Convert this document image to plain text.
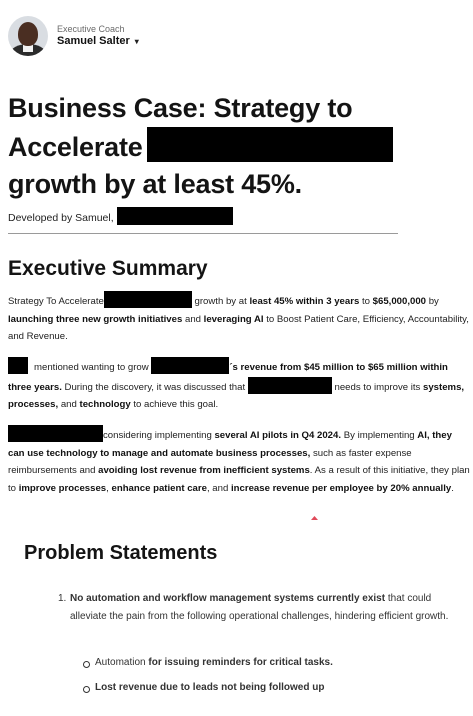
Executive Coach
Samuel Salter ▾
Business Case: Strategy to
Accelerate
growth by at least 45%.
Developed by Samuel,
Executive Summary

Strategy To Accelerate	growth by at least 45% within 3 years to $65,000,000 by launching three new growth initiatives and leveraging AI to Boost Patient Care, Efficiency, Accountability, and Revenue.

mentioned wanting to grow	´s revenue from $45 million to $65 million within three years. During the discovery, it was discussed that	needs to improve its systems, processes, and technology to achieve this goal.

considering implementing several AI pilots in Q4 2024. By implementing AI, they can use technology to manage and automate business processes, such as faster expense reimbursements and avoiding lost revenue from inefficient systems. As a result of this initiative, they plan to improve processes, enhance patient care, and increase revenue per employee by 20% annually.

Problem Statements
1. No automation and workflow management systems currently exist that could alleviate the pain from the following operational challenges, hindering efficient growth.
Automation for issuing reminders for critical tasks.
Lost revenue due to leads not being followed up
